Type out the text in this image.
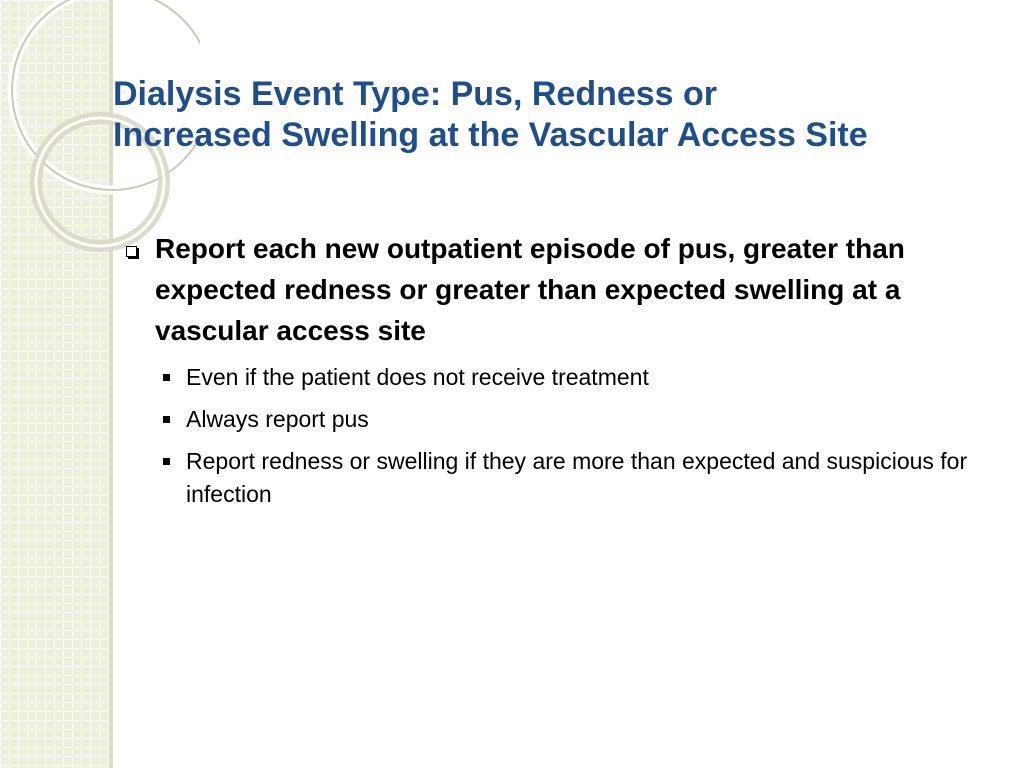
Dialysis Event Type: Pus, Redness or
Increased Swelling at the Vascular Access Site
Report each new outpatient episode of pus, greater than expected redness or greater than expected swelling at a vascular access site
Even if the patient does not receive treatment
Always report pus
Report redness or swelling if they are more than expected and suspicious for infection
